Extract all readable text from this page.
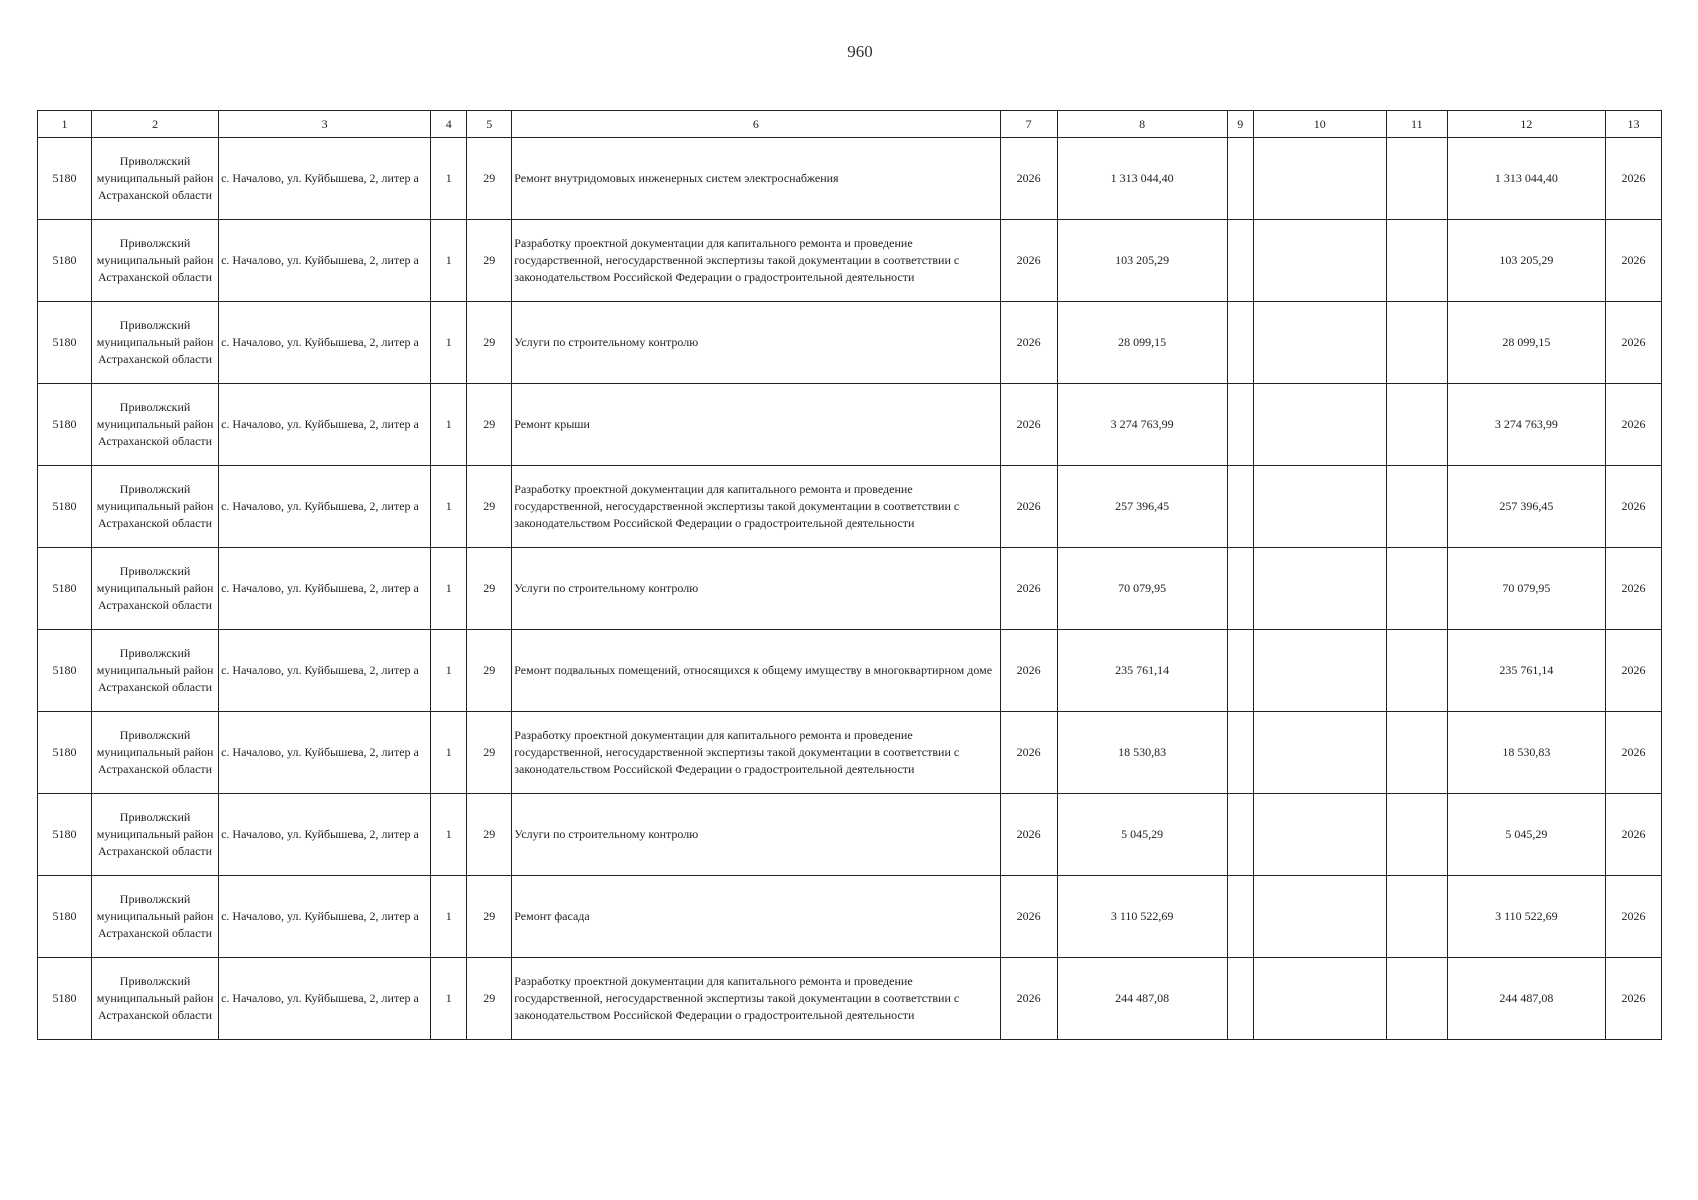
960
1	2	3	4	5	6	7	8	9	10	11	12	13
5180	Приволжский муниципальный район Астраханской области	с. Началово, ул. Куйбышева, 2, литер а	1	29	Ремонт внутридомовых инженерных систем электроснабжения	2026	1 313 044,40				1 313 044,40	2026
5180	Приволжский муниципальный район Астраханской области	с. Началово, ул. Куйбышева, 2, литер а	1	29	Разработку проектной документации для капитального ремонта и проведение государственной, негосударственной экспертизы такой документации в соответствии с законодательством Российской Федерации о градостроительной деятельности	2026	103 205,29				103 205,29	2026
5180	Приволжский муниципальный район Астраханской области	с. Началово, ул. Куйбышева, 2, литер а	1	29	Услуги по строительному контролю	2026	28 099,15				28 099,15	2026
5180	Приволжский муниципальный район Астраханской области	с. Началово, ул. Куйбышева, 2, литер а	1	29	Ремонт крыши	2026	3 274 763,99				3 274 763,99	2026
5180	Приволжский муниципальный район Астраханской области	с. Началово, ул. Куйбышева, 2, литер а	1	29	Разработку проектной документации для капитального ремонта и проведение государственной, негосударственной экспертизы такой документации в соответствии с законодательством Российской Федерации о градостроительной деятельности	2026	257 396,45				257 396,45	2026
5180	Приволжский муниципальный район Астраханской области	с. Началово, ул. Куйбышева, 2, литер а	1	29	Услуги по строительному контролю	2026	70 079,95				70 079,95	2026
5180	Приволжский муниципальный район Астраханской области	с. Началово, ул. Куйбышева, 2, литер а	1	29	Ремонт подвальных помещений, относящихся к общему имуществу в многоквартирном доме	2026	235 761,14				235 761,14	2026
5180	Приволжский муниципальный район Астраханской области	с. Началово, ул. Куйбышева, 2, литер а	1	29	Разработку проектной документации для капитального ремонта и проведение государственной, негосударственной экспертизы такой документации в соответствии с законодательством Российской Федерации о градостроительной деятельности	2026	18 530,83				18 530,83	2026
5180	Приволжский муниципальный район Астраханской области	с. Началово, ул. Куйбышева, 2, литер а	1	29	Услуги по строительному контролю	2026	5 045,29				5 045,29	2026
5180	Приволжский муниципальный район Астраханской области	с. Началово, ул. Куйбышева, 2, литер а	1	29	Ремонт фасада	2026	3 110 522,69				3 110 522,69	2026
5180	Приволжский муниципальный район Астраханской области	с. Началово, ул. Куйбышева, 2, литер а	1	29	Разработку проектной документации для капитального ремонта и проведение государственной, негосударственной экспертизы такой документации в соответствии с законодательством Российской Федерации о градостроительной деятельности	2026	244 487,08				244 487,08	2026
